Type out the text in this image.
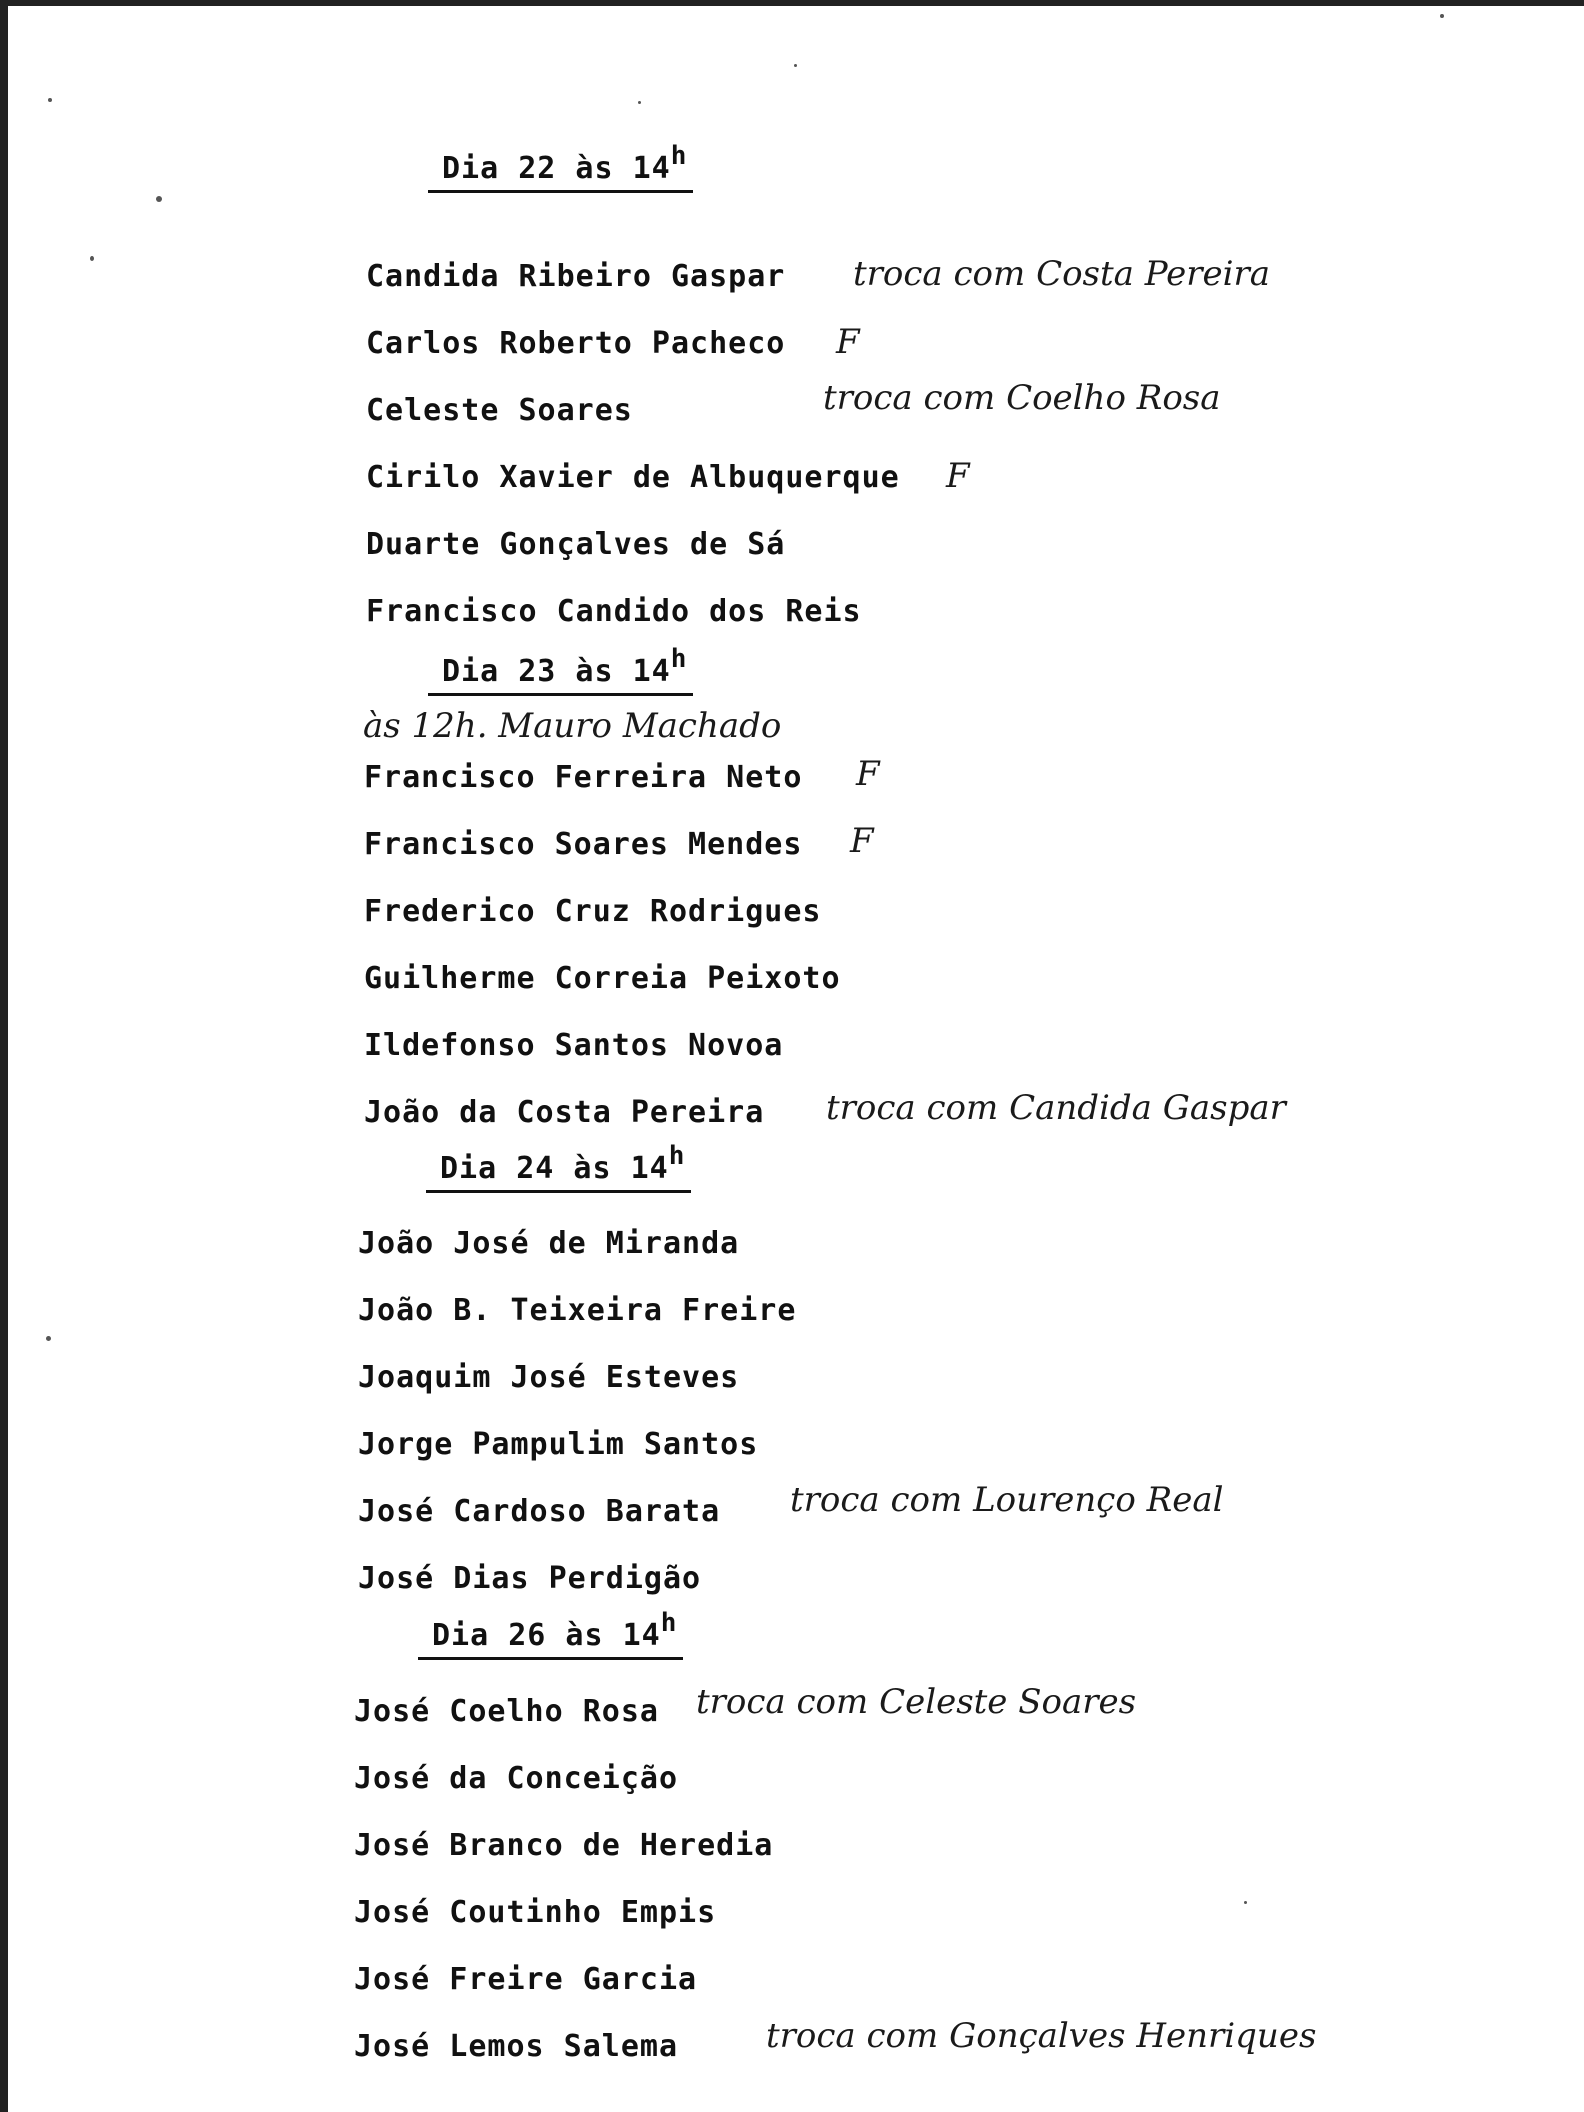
Dia 22 às 14$^h$
Candida Ribeiro Gaspar troca com Costa Pereira
Carlos Roberto Pacheco F
Celeste Soares	troca com Coelho Rosa
Cirilo Xavier de Albuquerque F
Duarte Gonçalves de Sá
Francisco Candido dos Reis
Dia 23 às 14$^h$
às 12h. Mauro Machado
Francisco Ferreira Neto F
Francisco Soares Mendes F
Frederico Cruz Rodrigues
Guilherme Correia Peixoto
Ildefonso Santos Novoa
João da Costa Pereira troca com Candida Gaspar
Dia 24 às 14$^h$
João José de Miranda
João B. Teixeira Freire
Joaquim José Esteves
Jorge Pampulim Santos
José Cardoso Barata troca com Lourenço Real
José Dias Perdigão
Dia 26 às 14$^h$
José Coelho Rosa troca com Celeste Soares
José da Conceição
José Branco de Heredia
José Coutinho Empis
José Freire Garcia
José Lemos Salema	troca com Gonçalves Henriques
